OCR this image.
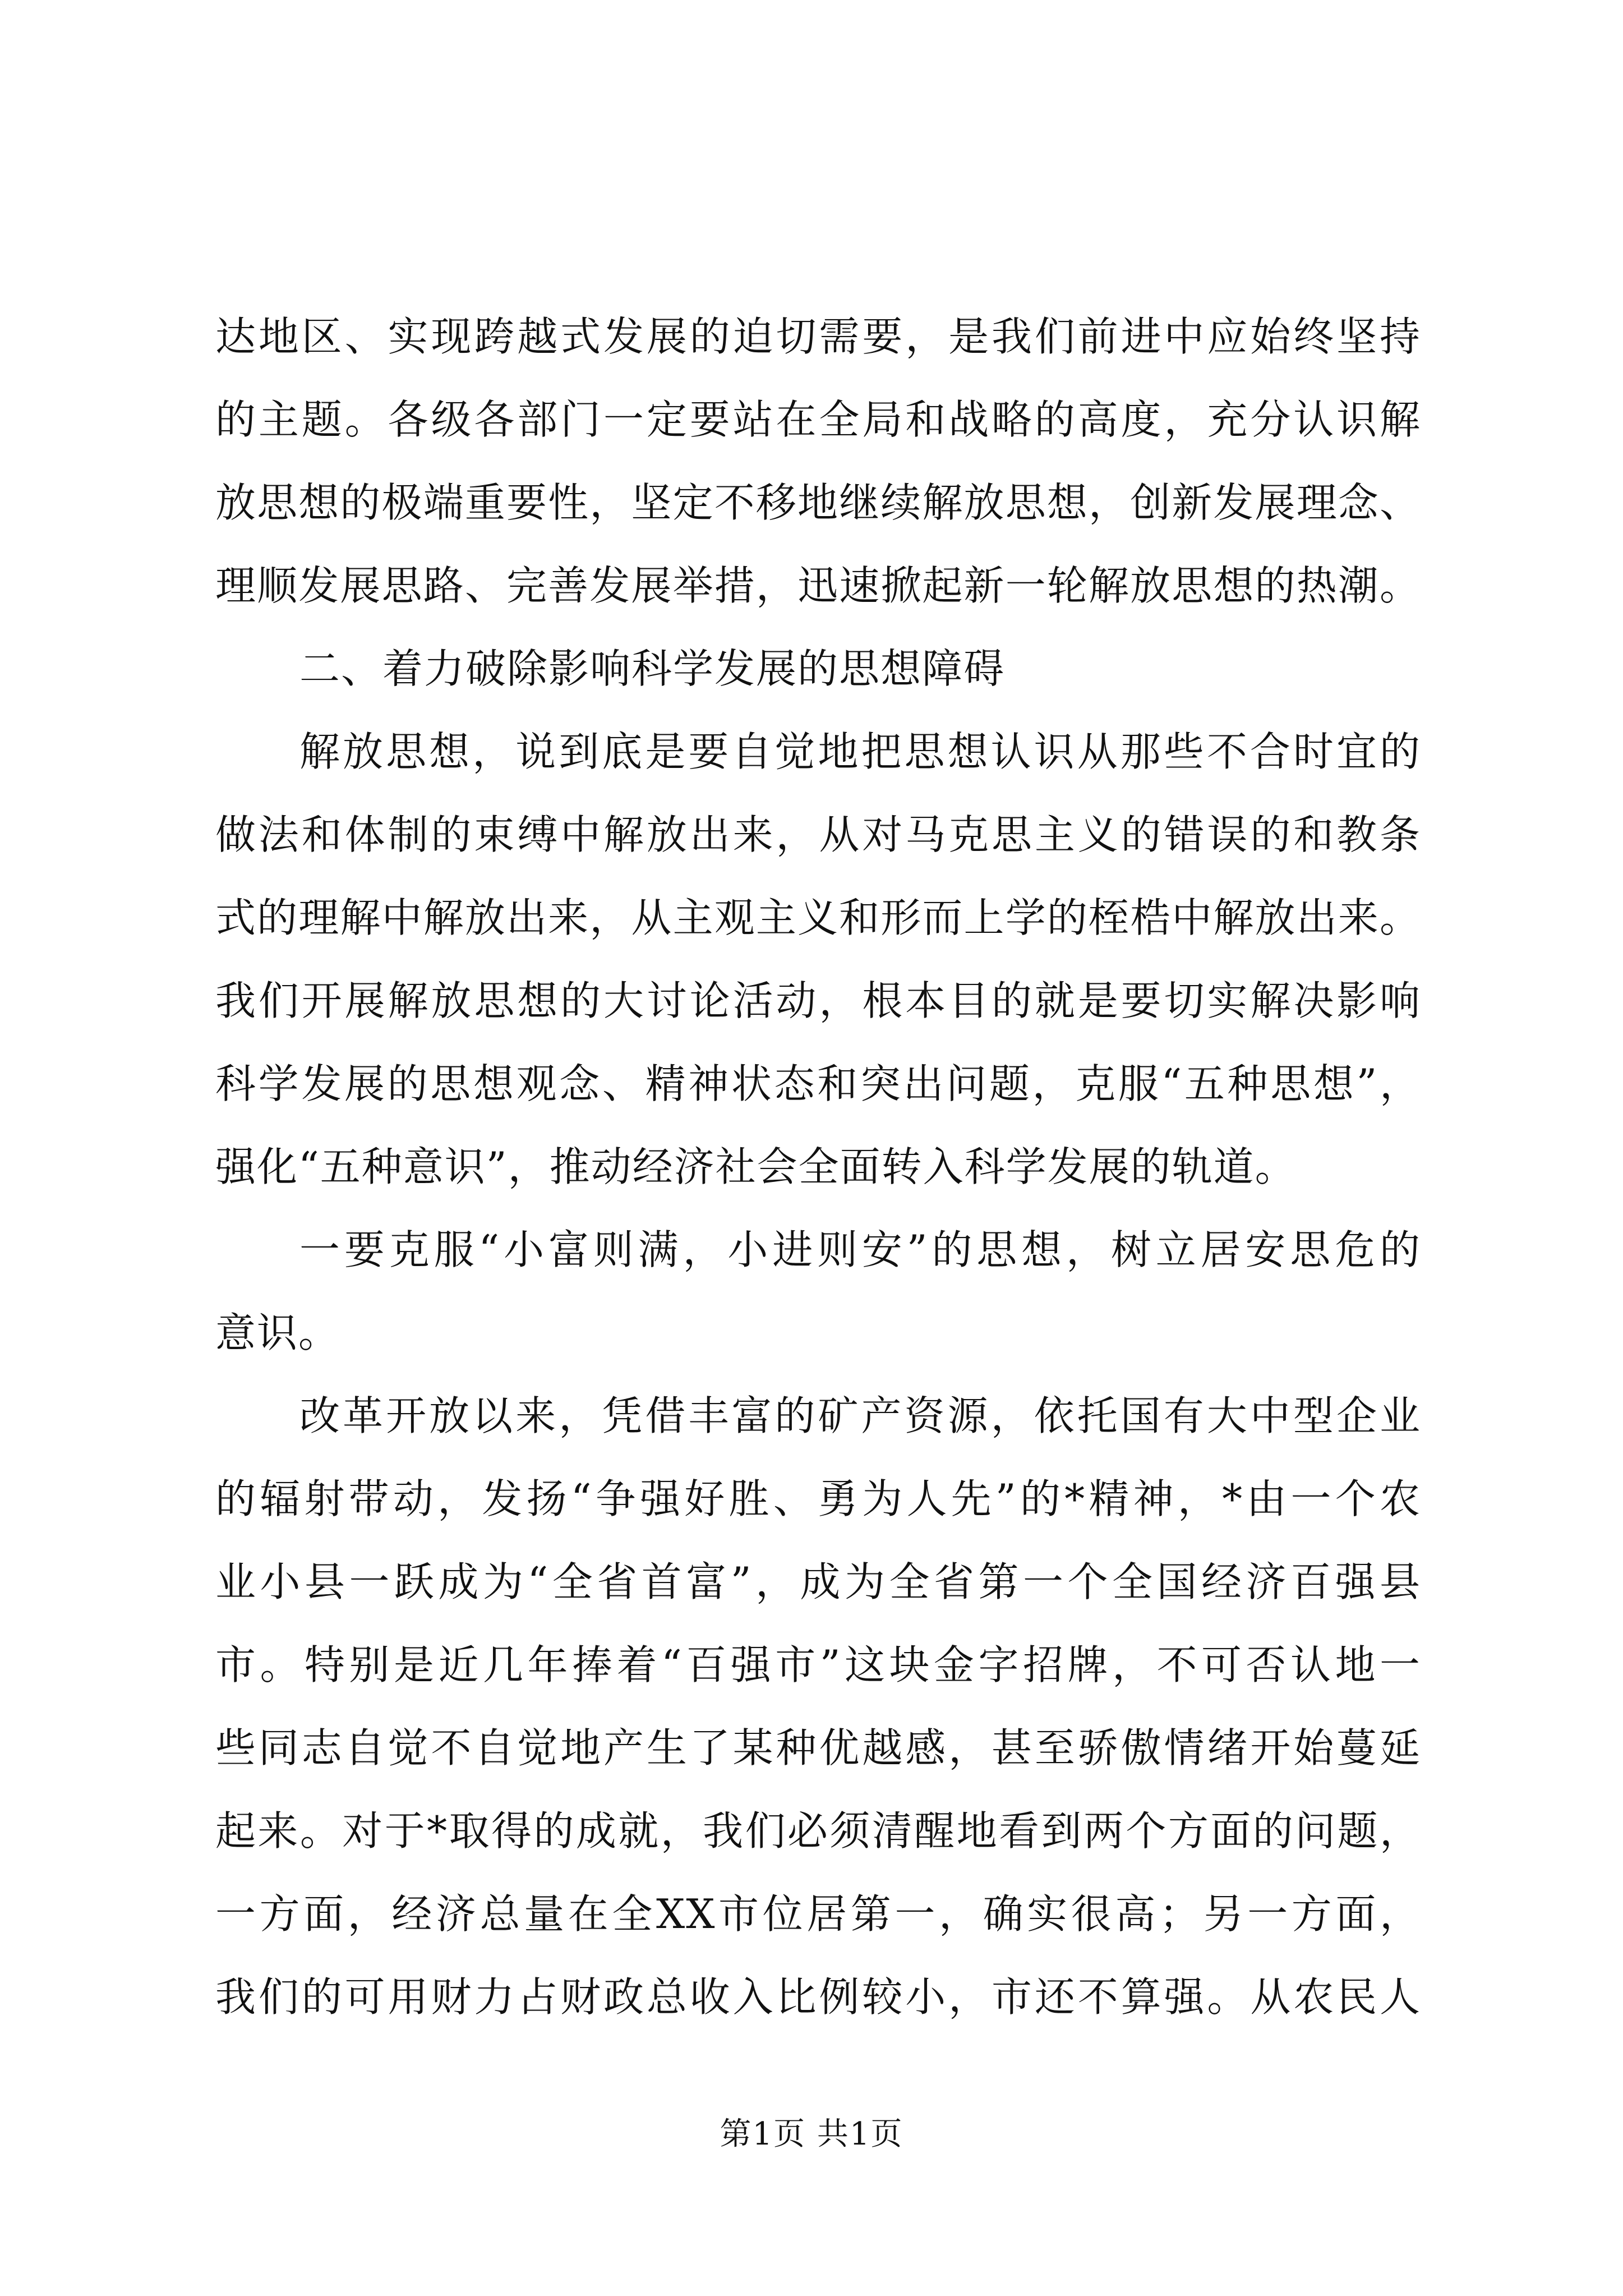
达地区、实现跨越式发展的迫切需要，是我们前进中应始终坚持
的主题。各级各部门一定要站在全局和战略的高度，充分认识解
放思想的极端重要性，坚定不移地继续解放思想，创新发展理念、
理顺发展思路、完善发展举措，迅速掀起新一轮解放思想的热潮。
二、着力破除影响科学发展的思想障碍
解放思想，说到底是要自觉地把思想认识从那些不合时宜的
做法和体制的束缚中解放出来，从对马克思主义的错误的和教条
式的理解中解放出来，从主观主义和形而上学的桎梏中解放出来。
我们开展解放思想的大讨论活动，根本目的就是要切实解决影响
科学发展的思想观念、精神状态和突出问题，克服“五种思想”，
强化“五种意识”，推动经济社会全面转入科学发展的轨道。
一要克服“小富则满，小进则安”的思想，树立居安思危的
意识。
改革开放以来，凭借丰富的矿产资源，依托国有大中型企业
的辐射带动，发扬“争强好胜、勇为人先”的*精神，*由一个农
业小县一跃成为“全省首富”，成为全省第一个全国经济百强县
市。特别是近几年捧着“百强市”这块金字招牌，不可否认地一
些同志自觉不自觉地产生了某种优越感，甚至骄傲情绪开始蔓延
起来。对于*取得的成就，我们必须清醒地看到两个方面的问题，
一方面，经济总量在全XX市位居第一，确实很高；另一方面，
我们的可用财力占财政总收入比例较小，市还不算强。从农民人
第1页 共1页
